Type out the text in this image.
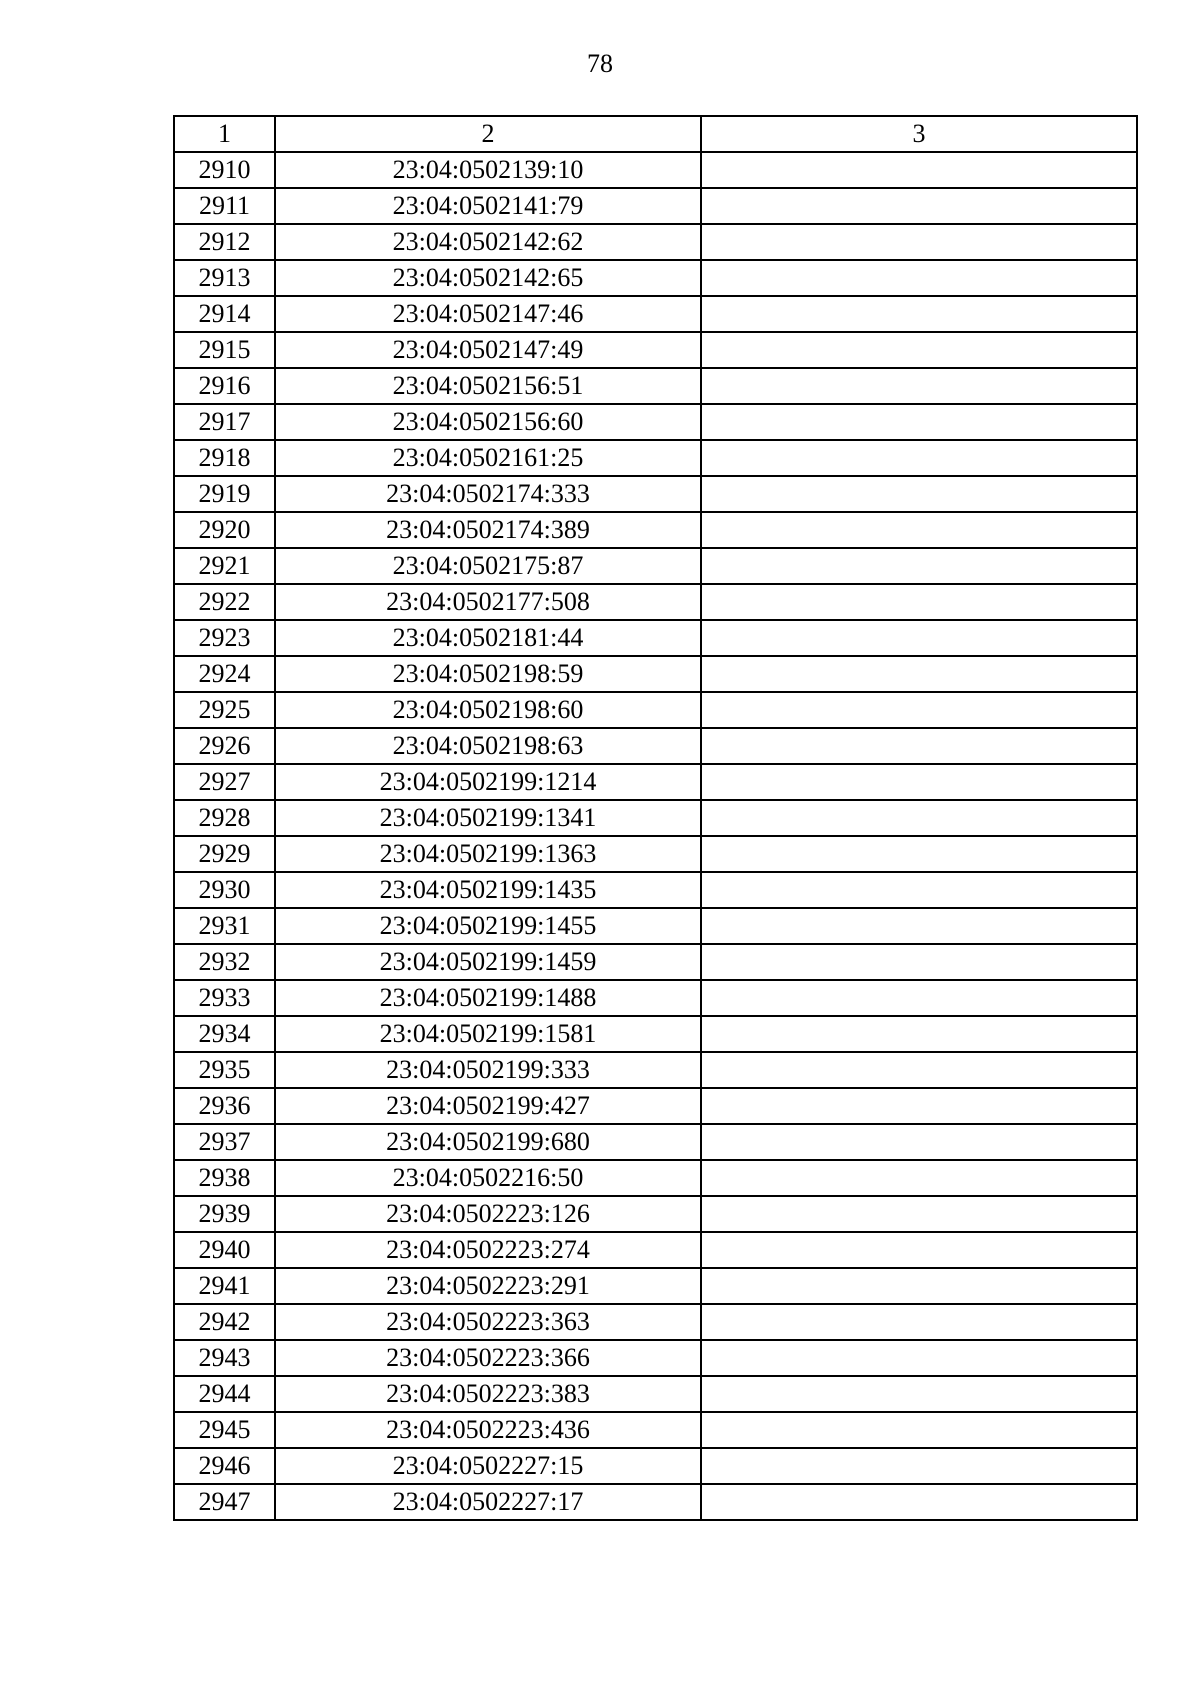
78
1	2	3
2910	23:04:0502139:10	
2911	23:04:0502141:79	
2912	23:04:0502142:62	
2913	23:04:0502142:65	
2914	23:04:0502147:46	
2915	23:04:0502147:49	
2916	23:04:0502156:51	
2917	23:04:0502156:60	
2918	23:04:0502161:25	
2919	23:04:0502174:333	
2920	23:04:0502174:389	
2921	23:04:0502175:87	
2922	23:04:0502177:508	
2923	23:04:0502181:44	
2924	23:04:0502198:59	
2925	23:04:0502198:60	
2926	23:04:0502198:63	
2927	23:04:0502199:1214	
2928	23:04:0502199:1341	
2929	23:04:0502199:1363	
2930	23:04:0502199:1435	
2931	23:04:0502199:1455	
2932	23:04:0502199:1459	
2933	23:04:0502199:1488	
2934	23:04:0502199:1581	
2935	23:04:0502199:333	
2936	23:04:0502199:427	
2937	23:04:0502199:680	
2938	23:04:0502216:50	
2939	23:04:0502223:126	
2940	23:04:0502223:274	
2941	23:04:0502223:291	
2942	23:04:0502223:363	
2943	23:04:0502223:366	
2944	23:04:0502223:383	
2945	23:04:0502223:436	
2946	23:04:0502227:15	
2947	23:04:0502227:17	
